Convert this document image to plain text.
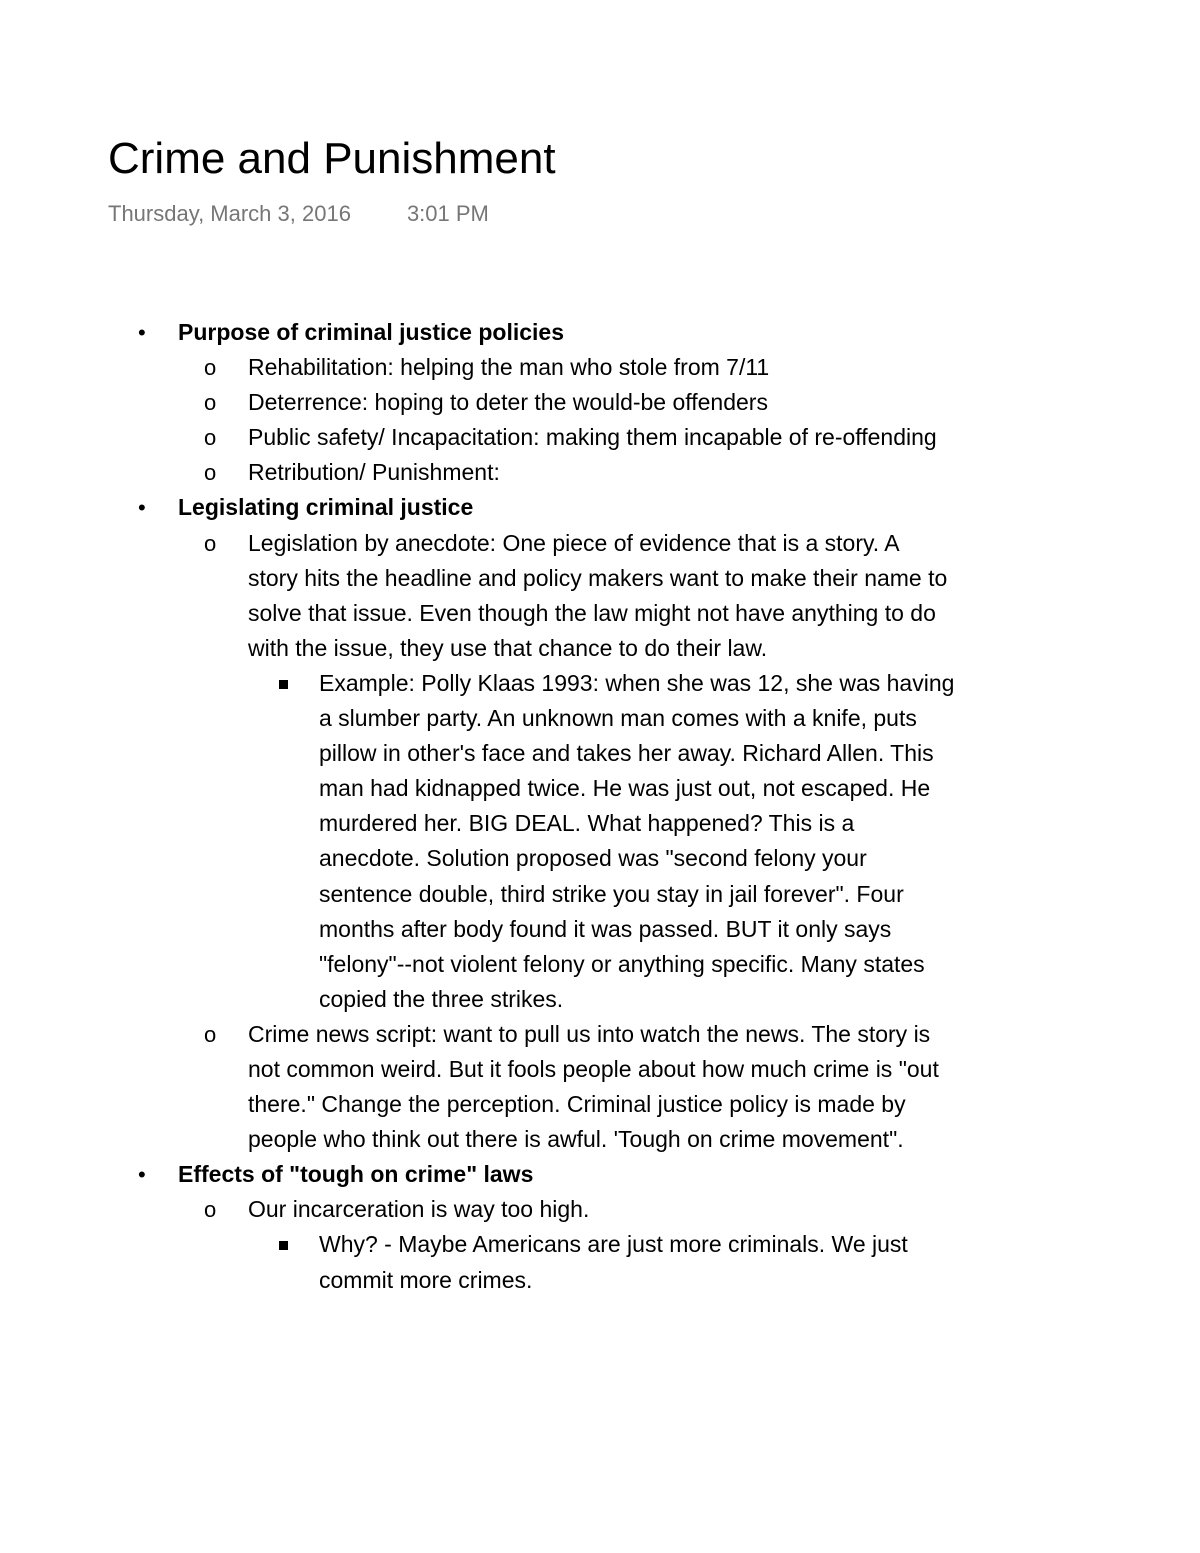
Crime and Punishment
Thursday, March 3, 2016	3:01 PM
• Purpose of criminal justice policies
o Rehabilitation: helping the man who stole from 7/11
o Deterrence: hoping to deter the would-be offenders
o Public safety/ Incapacitation: making them incapable of re-offending
o Retribution/ Punishment:
• Legislating criminal justice
o Legislation by anecdote: One piece of evidence that is a story. A story hits the headline and policy makers want to make their name to solve that issue. Even though the law might not have anything to do with the issue, they use that chance to do their law.
Example: Polly Klaas 1993: when she was 12, she was having a slumber party. An unknown man comes with a knife, puts pillow in other's face and takes her away. Richard Allen. This man had kidnapped twice. He was just out, not escaped. He murdered her. BIG DEAL. What happened? This is a anecdote. Solution proposed was "second felony your sentence double, third strike you stay in jail forever". Four months after body found it was passed. BUT it only says "felony"--not violent felony or anything specific. Many states copied the three strikes.
o Crime news script: want to pull us into watch the news. The story is not common weird. But it fools people about how much crime is "out there." Change the perception. Criminal justice policy is made by people who think out there is awful. 'Tough on crime movement".
• Effects of "tough on crime" laws
o Our incarceration is way too high.
Why? - Maybe Americans are just more criminals. We just commit more crimes.
